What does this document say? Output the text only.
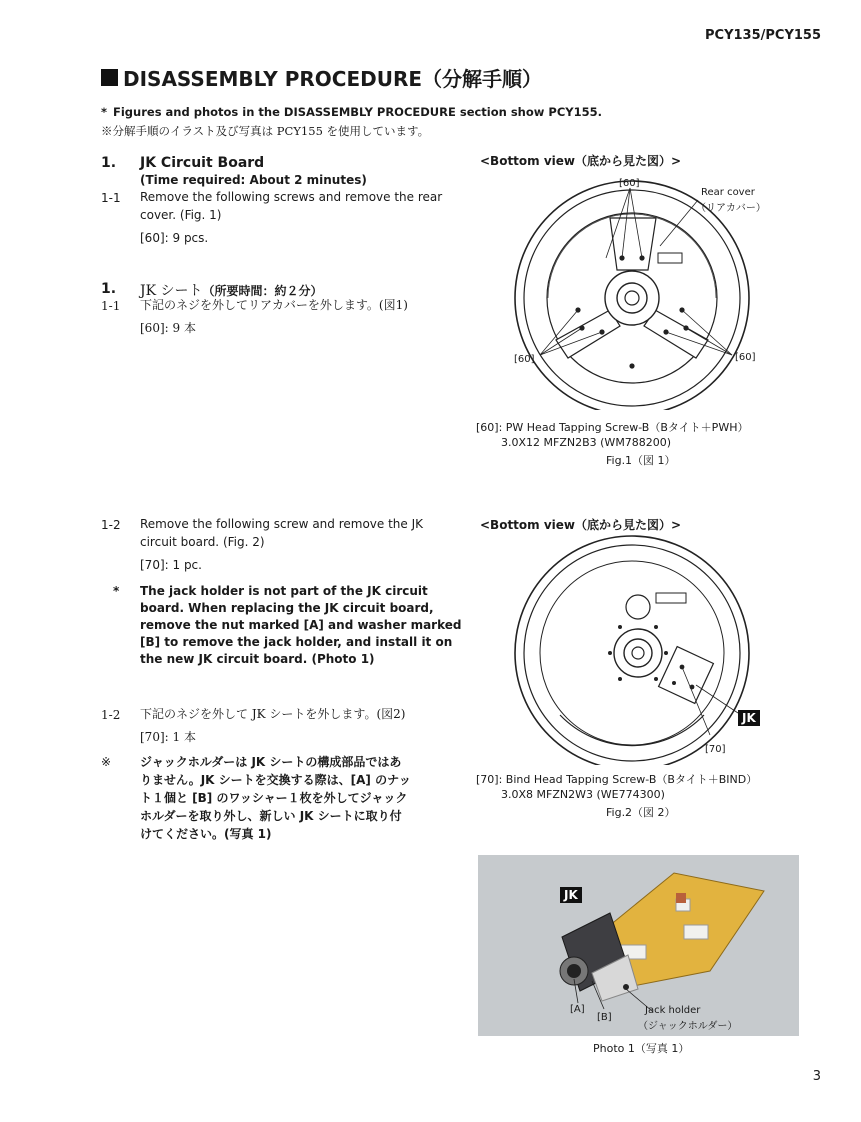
PCY135/PCY155
DISASSEMBLY PROCEDURE（分解手順）
* Figures and photos in the DISASSEMBLY PROCEDURE section show PCY155.
※分解手順のイラスト及び写真は PCY155 を使用しています。
1. JK Circuit Board
(Time required: About 2 minutes)
1-1 Remove the following screws and remove the rear
cover. (Fig. 1)
[60]: 9 pcs.
1. JK シート（所要時間：約２分）
1-1 下記のネジを外してリアカバーを外します。(図1)
[60]: 9 本
<Bottom view（底から見た図）>
[60]
[60]	[60]
Rear cover
（リアカバー）
[60]: PW Head Tapping Screw-B（Bタイト＋PWH）
3.0X12 MFZN2B3 (WM788200)
Fig.1（図 1）
1-2 Remove the following screw and remove the JK
circuit board. (Fig. 2)
[70]: 1 pc.
* The jack holder is not part of the JK circuit
board. When replacing the JK circuit board,
remove the nut marked [A] and washer marked
[B] to remove the jack holder, and install it on
the new JK circuit board. (Photo 1)
1-2 下記のネジを外して JK シートを外します。(図2)
[70]: 1 本
※ ジャックホルダーは JK シートの構成部品ではあ
りません。JK シートを交換する際は、[A] のナッ
ト１個と [B] のワッシャー１枚を外してジャック
ホルダーを取り外し、新しい JK シートに取り付
けてください。(写真 1)
<Bottom view（底から見た図）>
JK
[70]
[70]: Bind Head Tapping Screw-B（Bタイト＋BIND）
3.0X8 MFZN2W3 (WE774300)
Fig.2（図 2）
JK
[A]
[B]
Jack holder
（ジャックホルダー）
Photo 1（写真 1）
3
